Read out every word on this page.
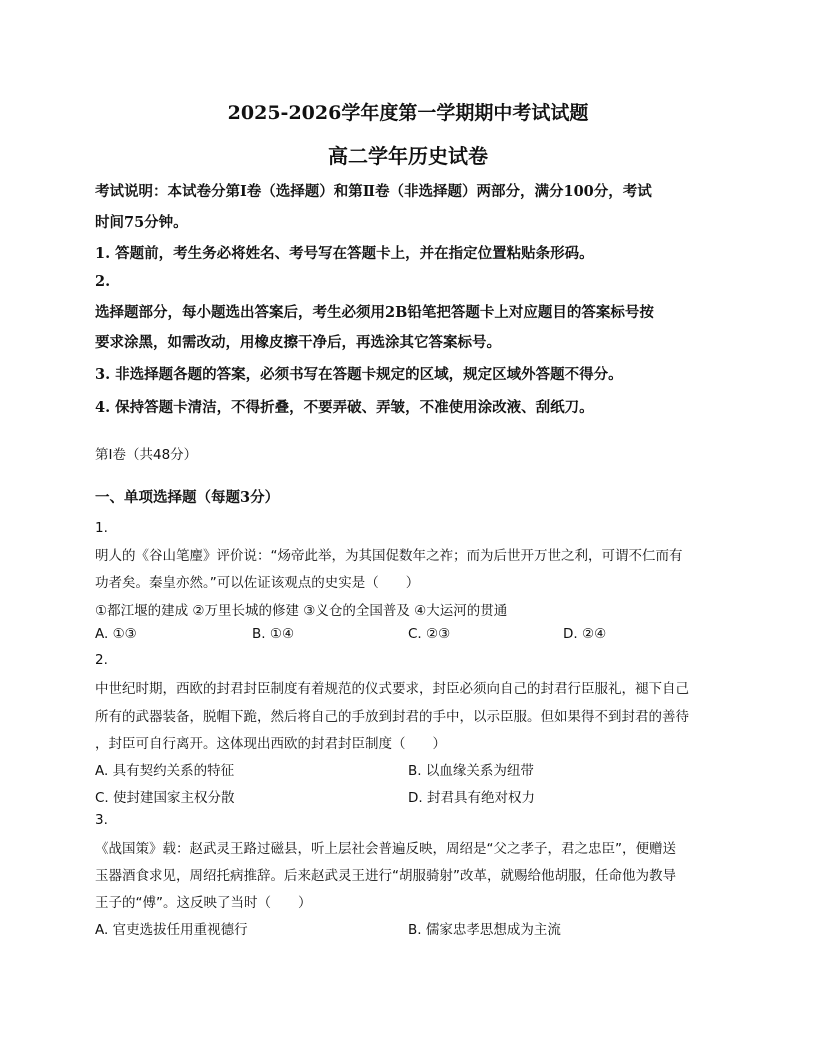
2025-2026学年度第一学期期中考试试题
高二学年历史试卷
考试说明：本试卷分第Ⅰ卷（选择题）和第Ⅱ卷（非选择题）两部分，满分100分，考试
时间75分钟。
1. 答题前，考生务必将姓名、考号写在答题卡上，并在指定位置粘贴条形码。
2.
选择题部分，每小题选出答案后，考生必须用2B铅笔把答题卡上对应题目的答案标号按
要求涂黑，如需改动，用橡皮擦干净后，再选涂其它答案标号。
3. 非选择题各题的答案，必须书写在答题卡规定的区域，规定区域外答题不得分。
4. 保持答题卡清洁，不得折叠，不要弄破、弄皱，不准使用涂改液、刮纸刀。
第Ⅰ卷（共48分）
一、单项选择题（每题3分）
1.
明人的《谷山笔麈》评价说：“炀帝此举，为其国促数年之祚；而为后世开万世之利，可谓不仁而有
功者矣。秦皇亦然。”可以佐证该观点的史实是（　　）
①都江堰的建成 ②万里长城的修建 ③义仓的全国普及 ④大运河的贯通
A. ①③	B. ①④	C. ②③	D. ②④
2.
中世纪时期，西欧的封君封臣制度有着规范的仪式要求，封臣必须向自己的封君行臣服礼，褪下自己
所有的武器装备，脱帽下跪，然后将自己的手放到封君的手中，以示臣服。但如果得不到封君的善待
，封臣可自行离开。这体现出西欧的封君封臣制度（　　）
A. 具有契约关系的特征	B. 以血缘关系为纽带
C. 使封建国家主权分散	D. 封君具有绝对权力
3.
《战国策》载：赵武灵王路过磁县，听上层社会普遍反映，周绍是“父之孝子，君之忠臣”，便赠送
玉器酒食求见，周绍托病推辞。后来赵武灵王进行“胡服骑射”改革，就赐给他胡服，任命他为教导
王子的“傅”。这反映了当时（　　）
A. 官吏选拔任用重视德行	B. 儒家忠孝思想成为主流
